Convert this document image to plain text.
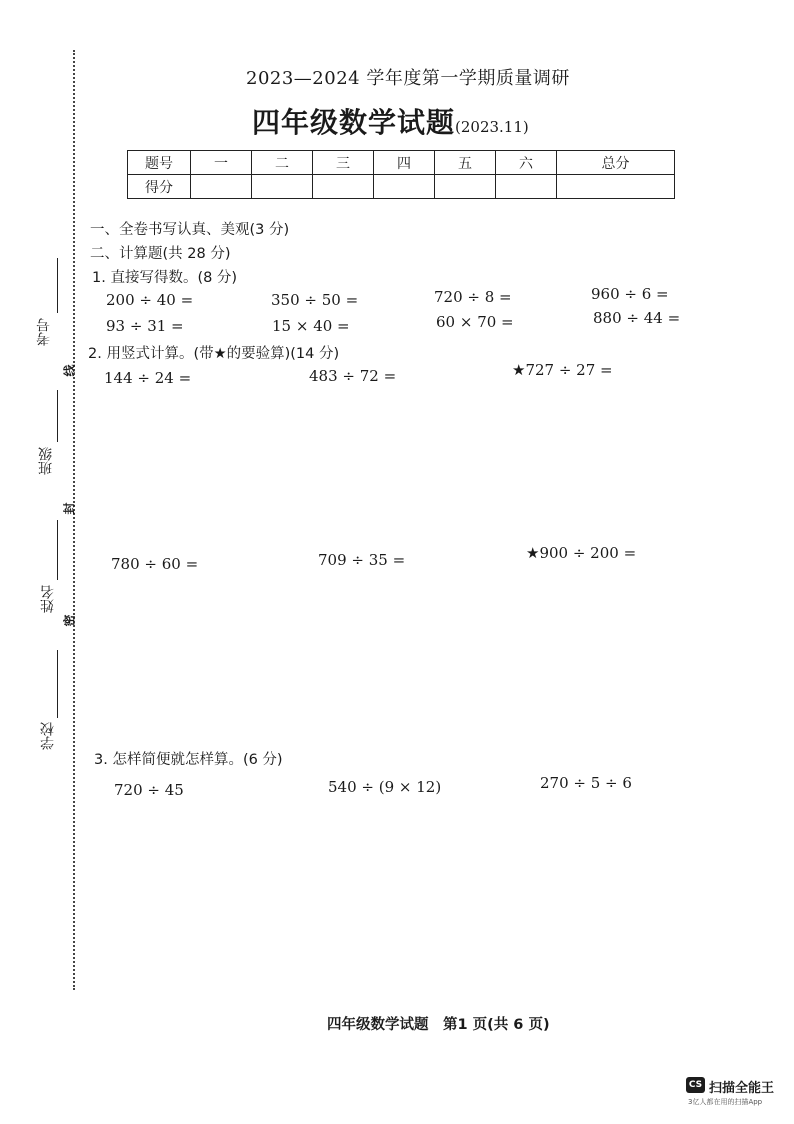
2023—2024 学年度第一学期质量调研
四年级数学试题(2023.11)
题号	一	二	三	四	五	六	总分
得分							
一、全卷书写认真、美观(3 分)
二、计算题(共 28 分)
1. 直接写得数。(8 分)
200 ÷ 40 =	350 ÷ 50 =	720 ÷ 8 =	960 ÷ 6 =
93 ÷ 31 =	15 × 40 =	60 × 70 =	880 ÷ 44 =
2. 用竖式计算。(带★的要验算)(14 分)
144 ÷ 24 =	483 ÷ 72 =	★727 ÷ 27 =
780 ÷ 60 =	709 ÷ 35 =	★900 ÷ 200 =
3. 怎样简便就怎样算。(6 分)
720 ÷ 45	540 ÷ (9 × 12)	270 ÷ 5 ÷ 6
考号
班级
姓名
学校
线
封
密
四年级数学试题　第1 页(共 6 页)
CS 扫描全能王
3亿人都在用的扫描App
